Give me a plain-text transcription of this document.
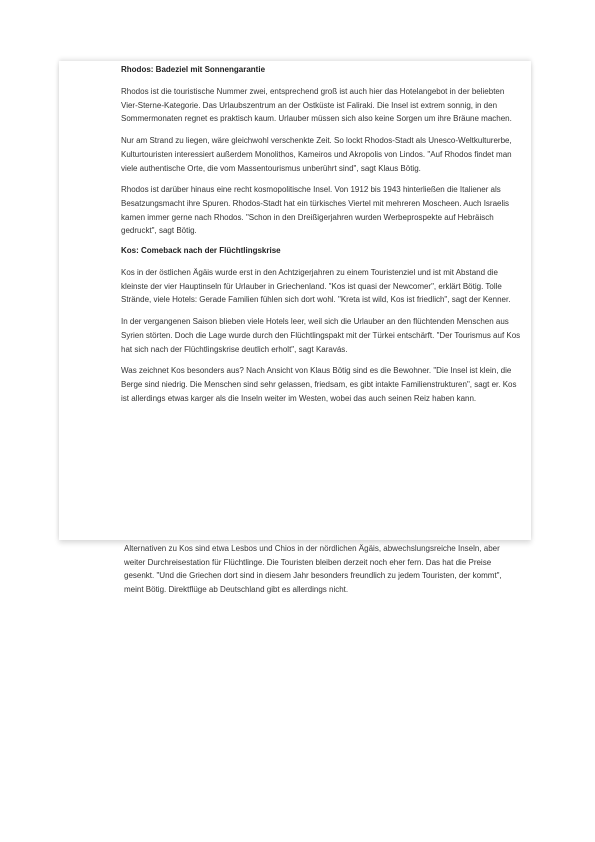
Rhodos: Badeziel mit Sonnengarantie

Rhodos ist die touristische Nummer zwei, entsprechend groß ist auch hier das Hotelangebot in der beliebten Vier-Sterne-Kategorie. Das Urlaubszentrum an der Ostküste ist Faliraki. Die Insel ist extrem sonnig, in den Sommermonaten regnet es praktisch kaum. Urlauber müssen sich also keine Sorgen um ihre Bräune machen.

Nur am Strand zu liegen, wäre gleichwohl verschenkte Zeit. So lockt Rhodos-Stadt als Unesco-Weltkulturerbe, Kulturtouristen interessiert außerdem Monolithos, Kameiros und Akropolis von Lindos. "Auf Rhodos findet man viele authentische Orte, die vom Massentourismus unberührt sind", sagt Klaus Bötig.

Rhodos ist darüber hinaus eine recht kosmopolitische Insel. Von 1912 bis 1943 hinterließen die Italiener als Besatzungsmacht ihre Spuren. Rhodos-Stadt hat ein türkisches Viertel mit mehreren Moscheen. Auch Israelis kamen immer gerne nach Rhodos. "Schon in den Dreißigerjahren wurden Werbeprospekte auf Hebräisch gedruckt", sagt Bötig.

Kos: Comeback nach der Flüchtlingskrise

Kos in der östlichen Ägäis wurde erst in den Achtzigerjahren zu einem Touristenziel und ist mit Abstand die kleinste der vier Hauptinseln für Urlauber in Griechenland. "Kos ist quasi der Newcomer", erklärt Bötig. Tolle Strände, viele Hotels: Gerade Familien fühlen sich dort wohl. "Kreta ist wild, Kos ist friedlich", sagt der Kenner.

In der vergangenen Saison blieben viele Hotels leer, weil sich die Urlauber an den flüchtenden Menschen aus Syrien störten. Doch die Lage wurde durch den Flüchtlingspakt mit der Türkei entschärft. "Der Tourismus auf Kos hat sich nach der Flüchtlingskrise deutlich erholt", sagt Karavás.

Was zeichnet Kos besonders aus? Nach Ansicht von Klaus Bötig sind es die Bewohner. "Die Insel ist klein, die Berge sind niedrig. Die Menschen sind sehr gelassen, friedsam, es gibt intakte Familienstrukturen", sagt er. Kos ist allerdings etwas karger als die Inseln weiter im Westen, wobei das auch seinen Reiz haben kann.

Alternativen zu Kos sind etwa Lesbos und Chios in der nördlichen Ägäis, abwechslungsreiche Inseln, aber weiter Durchreisestation für Flüchtlinge. Die Touristen bleiben derzeit noch eher fern. Das hat die Preise gesenkt. "Und die Griechen dort sind in diesem Jahr besonders freundlich zu jedem Touristen, der kommt", meint Bötig. Direktflüge ab Deutschland gibt es allerdings nicht.
